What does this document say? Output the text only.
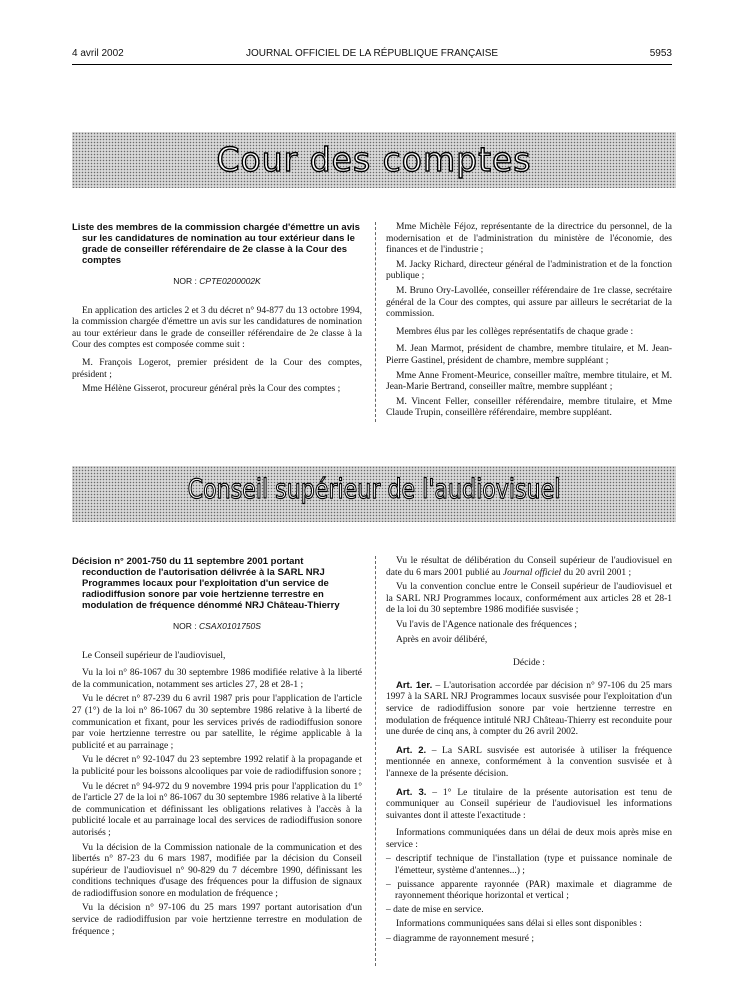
4 avril 2002	JOURNAL OFFICIEL DE LA RÉPUBLIQUE FRANÇAISE	5953
Cour des comptes

Liste des membres de la commission chargée d'émettre un avis sur les candidatures de nomination au tour extérieur dans le grade de conseiller référendaire de 2e classe à la Cour des comptes

NOR : CPTE0200002K

En application des articles 2 et 3 du décret n° 94-877 du 13 octobre 1994, la commission chargée d'émettre un avis sur les candidatures de nomination au tour extérieur dans le grade de conseiller référendaire de 2e classe à la Cour des comptes est composée comme suit :

M. François Logerot, premier président de la Cour des comptes, président ;

Mme Hélène Gisserot, procureur général près la Cour des comptes ;

Mme Michèle Féjoz, représentante de la directrice du personnel, de la modernisation et de l'administration du ministère de l'économie, des finances et de l'industrie ;

M. Jacky Richard, directeur général de l'administration et de la fonction publique ;

M. Bruno Ory-Lavollée, conseiller référendaire de 1re classe, secrétaire général de la Cour des comptes, qui assure par ailleurs le secrétariat de la commission.

Membres élus par les collèges représentatifs de chaque grade :

M. Jean Marmot, président de chambre, membre titulaire, et M. Jean-Pierre Gastinel, président de chambre, membre suppléant ;

Mme Anne Froment-Meurice, conseiller maître, membre titulaire, et M. Jean-Marie Bertrand, conseiller maître, membre suppléant ;

M. Vincent Feller, conseiller référendaire, membre titulaire, et Mme Claude Trupin, conseillère référendaire, membre suppléant.

Conseil supérieur de l'audiovisuel

Décision n° 2001-750 du 11 septembre 2001 portant reconduction de l'autorisation délivrée à la SARL NRJ Programmes locaux pour l'exploitation d'un service de radiodiffusion sonore par voie hertzienne terrestre en modulation de fréquence dénommé NRJ Château-Thierry

NOR : CSAX0101750S

Le Conseil supérieur de l'audiovisuel,

Vu la loi n° 86-1067 du 30 septembre 1986 modifiée relative à la liberté de la communication, notamment ses articles 27, 28 et 28-1 ;

Vu le décret n° 87-239 du 6 avril 1987 pris pour l'application de l'article 27 (1°) de la loi n° 86-1067 du 30 septembre 1986 relative à la liberté de communication et fixant, pour les services privés de radiodiffusion sonore par voie hertzienne terrestre ou par satellite, le régime applicable à la publicité et au parrainage ;

Vu le décret n° 92-1047 du 23 septembre 1992 relatif à la propagande et la publicité pour les boissons alcooliques par voie de radiodiffusion sonore ;

Vu le décret n° 94-972 du 9 novembre 1994 pris pour l'application du 1° de l'article 27 de la loi n° 86-1067 du 30 septembre 1986 relative à la liberté de communication et définissant les obligations relatives à l'accès à la publicité locale et au parrainage local des services de radiodiffusion sonore autorisés ;

Vu la décision de la Commission nationale de la communication et des libertés n° 87-23 du 6 mars 1987, modifiée par la décision du Conseil supérieur de l'audiovisuel n° 90-829 du 7 décembre 1990, définissant les conditions techniques d'usage des fréquences pour la diffusion de signaux de radiodiffusion sonore en modulation de fréquence ;

Vu la décision n° 97-106 du 25 mars 1997 portant autorisation d'un service de radiodiffusion par voie hertzienne terrestre en modulation de fréquence ;

Vu le résultat de délibération du Conseil supérieur de l'audiovisuel en date du 6 mars 2001 publié au Journal officiel du 20 avril 2001 ;

Vu la convention conclue entre le Conseil supérieur de l'audiovisuel et la SARL NRJ Programmes locaux, conformément aux articles 28 et 28-1 de la loi du 30 septembre 1986 modifiée susvisée ;

Vu l'avis de l'Agence nationale des fréquences ;

Après en avoir délibéré,

Décide :

Art. 1er. – L'autorisation accordée par décision n° 97-106 du 25 mars 1997 à la SARL NRJ Programmes locaux susvisée pour l'exploitation d'un service de radiodiffusion sonore par voie hertzienne terrestre en modulation de fréquence intitulé NRJ Château-Thierry est reconduite pour une durée de cinq ans, à compter du 26 avril 2002.

Art. 2. – La SARL susvisée est autorisée à utiliser la fréquence mentionnée en annexe, conformément à la convention susvisée et à l'annexe de la présente décision.

Art. 3. – 1° Le titulaire de la présente autorisation est tenu de communiquer au Conseil supérieur de l'audiovisuel les informations suivantes dont il atteste l'exactitude :

Informations communiquées dans un délai de deux mois après mise en service :

– descriptif technique de l'installation (type et puissance nominale de l'émetteur, système d'antennes...) ;
– puissance apparente rayonnée (PAR) maximale et diagramme de rayonnement théorique horizontal et vertical ;
– date de mise en service.

Informations communiquées sans délai si elles sont disponibles :

– diagramme de rayonnement mesuré ;
